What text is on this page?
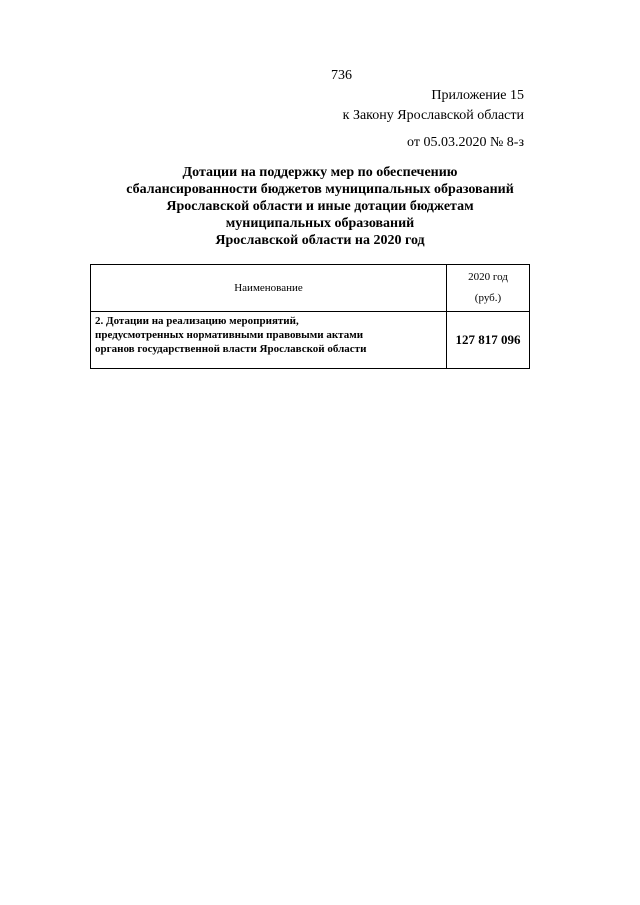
736
Приложение 15
к Закону Ярославской области
от 05.03.2020 № 8-з
Дотации на поддержку мер по обеспечению
сбалансированности бюджетов муниципальных образований
Ярославской области и иные дотации бюджетам
муниципальных образований
Ярославской области на 2020 год
Наименование	2020 год
(руб.)

2. Дотации на реализацию мероприятий,
предусмотренных нормативными правовыми актами
органов государственной власти Ярославской области	127 817 096
